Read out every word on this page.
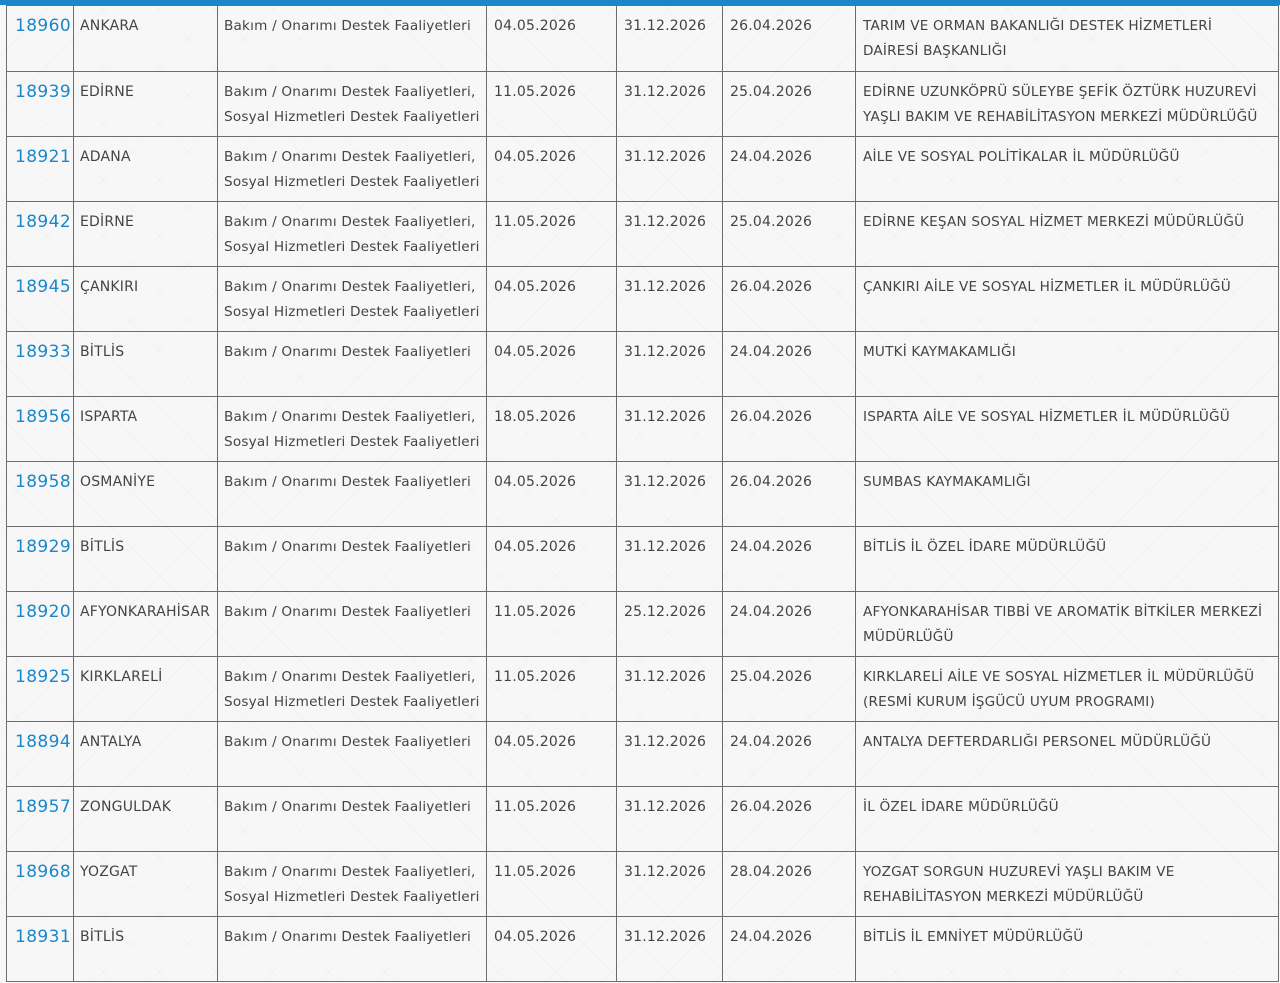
18960	ANKARA	Bakım / Onarımı Destek Faaliyetleri	04.05.2026	31.12.2026	26.04.2026	TARIM VE ORMAN BAKANLIĞI DESTEK HİZMETLERİ DAİRESİ BAŞKANLIĞI
18939	EDİRNE	Bakım / Onarımı Destek Faaliyetleri, Sosyal Hizmetleri Destek Faaliyetleri	11.05.2026	31.12.2026	25.04.2026	EDİRNE UZUNKÖPRÜ SÜLEYBE ŞEFİK ÖZTÜRK HUZUREVİ YAŞLI BAKIM VE REHABİLİTASYON MERKEZİ MÜDÜRLÜĞÜ
18921	ADANA	Bakım / Onarımı Destek Faaliyetleri, Sosyal Hizmetleri Destek Faaliyetleri	04.05.2026	31.12.2026	24.04.2026	AİLE VE SOSYAL POLİTİKALAR İL MÜDÜRLÜĞÜ
18942	EDİRNE	Bakım / Onarımı Destek Faaliyetleri, Sosyal Hizmetleri Destek Faaliyetleri	11.05.2026	31.12.2026	25.04.2026	EDİRNE KEŞAN SOSYAL HİZMET MERKEZİ MÜDÜRLÜĞÜ
18945	ÇANKIRI	Bakım / Onarımı Destek Faaliyetleri, Sosyal Hizmetleri Destek Faaliyetleri	04.05.2026	31.12.2026	26.04.2026	ÇANKIRI AİLE VE SOSYAL HİZMETLER İL MÜDÜRLÜĞÜ
18933	BİTLİS	Bakım / Onarımı Destek Faaliyetleri	04.05.2026	31.12.2026	24.04.2026	MUTKİ KAYMAKAMLIĞI
18956	ISPARTA	Bakım / Onarımı Destek Faaliyetleri, Sosyal Hizmetleri Destek Faaliyetleri	18.05.2026	31.12.2026	26.04.2026	ISPARTA AİLE VE SOSYAL HİZMETLER İL MÜDÜRLÜĞÜ
18958	OSMANİYE	Bakım / Onarımı Destek Faaliyetleri	04.05.2026	31.12.2026	26.04.2026	SUMBAS KAYMAKAMLIĞI
18929	BİTLİS	Bakım / Onarımı Destek Faaliyetleri	04.05.2026	31.12.2026	24.04.2026	BİTLİS İL ÖZEL İDARE MÜDÜRLÜĞÜ
18920	AFYONKARAHİSAR	Bakım / Onarımı Destek Faaliyetleri	11.05.2026	25.12.2026	24.04.2026	AFYONKARAHİSAR TIBBİ VE AROMATİK BİTKİLER MERKEZİ MÜDÜRLÜĞÜ
18925	KIRKLARELİ	Bakım / Onarımı Destek Faaliyetleri, Sosyal Hizmetleri Destek Faaliyetleri	11.05.2026	31.12.2026	25.04.2026	KIRKLARELİ AİLE VE SOSYAL HİZMETLER İL MÜDÜRLÜĞÜ (RESMİ KURUM İŞGÜCÜ UYUM PROGRAMI)
18894	ANTALYA	Bakım / Onarımı Destek Faaliyetleri	04.05.2026	31.12.2026	24.04.2026	ANTALYA DEFTERDARLIĞI PERSONEL MÜDÜRLÜĞÜ
18957	ZONGULDAK	Bakım / Onarımı Destek Faaliyetleri	11.05.2026	31.12.2026	26.04.2026	İL ÖZEL İDARE MÜDÜRLÜĞÜ
18968	YOZGAT	Bakım / Onarımı Destek Faaliyetleri, Sosyal Hizmetleri Destek Faaliyetleri	11.05.2026	31.12.2026	28.04.2026	YOZGAT SORGUN HUZUREVİ YAŞLI BAKIM VE REHABİLİTASYON MERKEZİ MÜDÜRLÜĞÜ
18931	BİTLİS	Bakım / Onarımı Destek Faaliyetleri	04.05.2026	31.12.2026	24.04.2026	BİTLİS İL EMNİYET MÜDÜRLÜĞÜ
